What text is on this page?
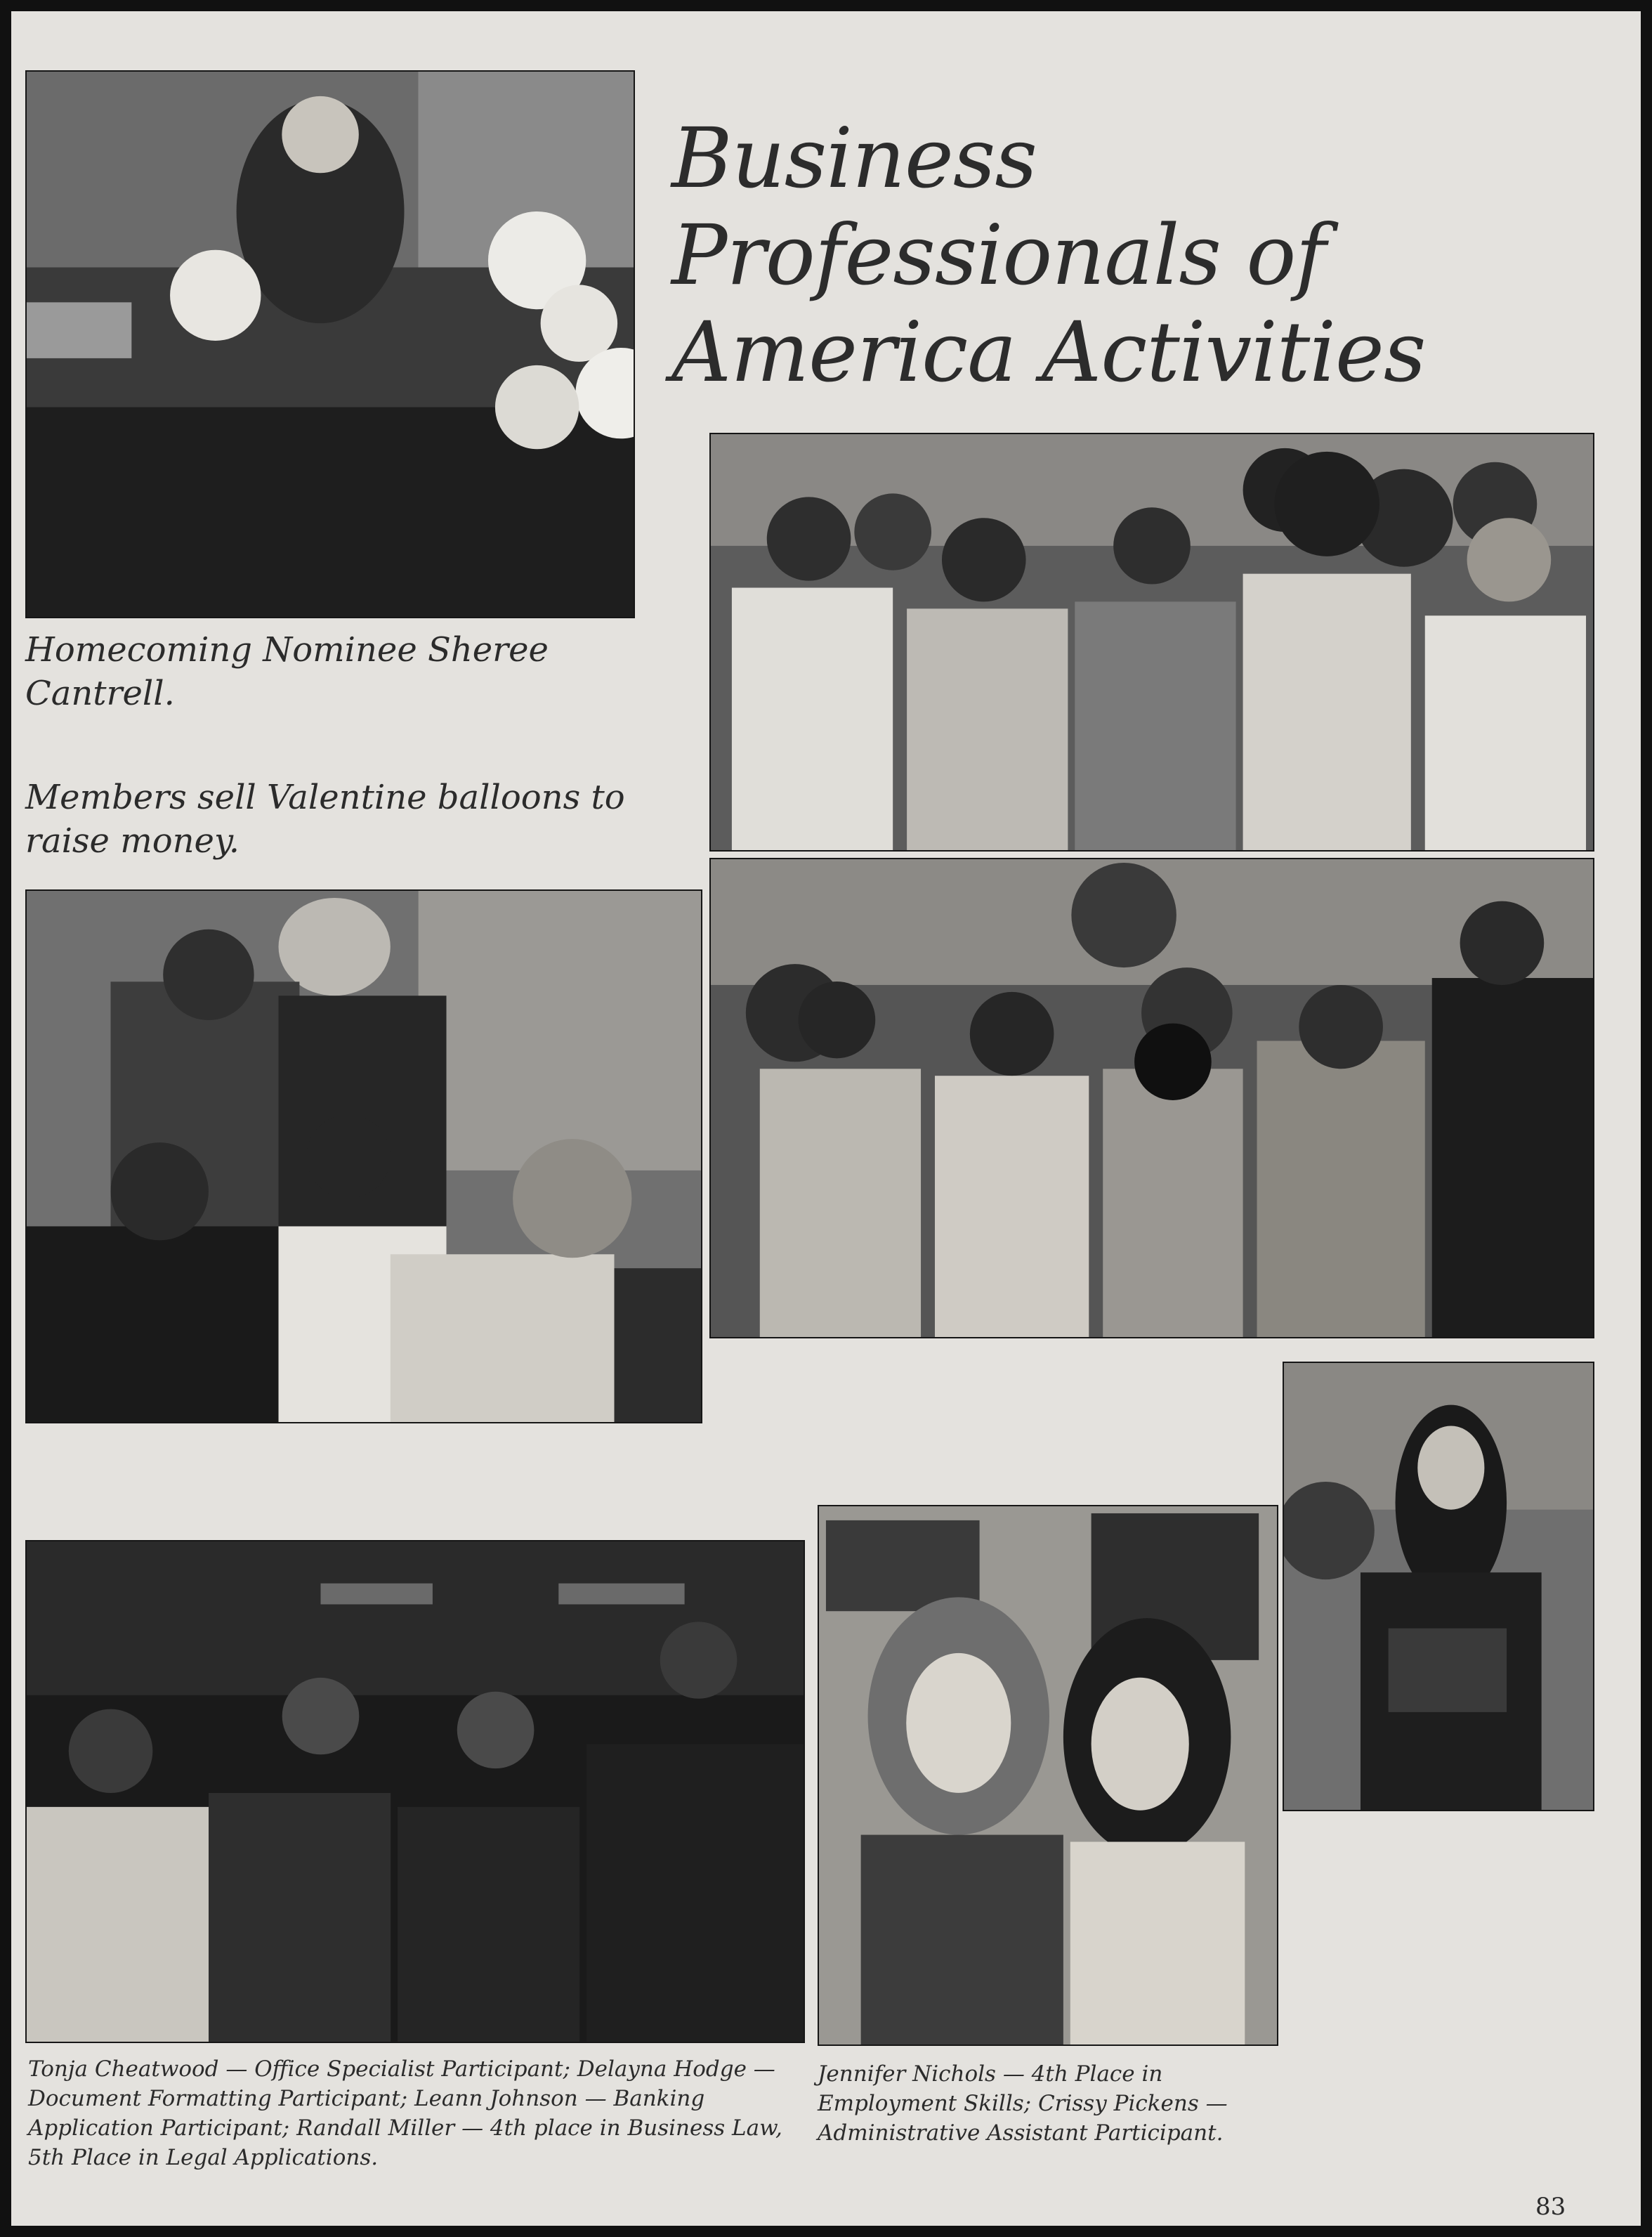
Business
Professionals of
America Activities

Homecoming Nominee Sheree Cantrell.

Members sell Valentine balloons to raise money.

Tonja Cheatwood — Office Specialist Participant; Delayna Hodge — Document Formatting Participant; Leann Johnson — Banking Application Participant; Randall Miller — 4th place in Business Law, 5th Place in Legal Applications.

Jennifer Nichols — 4th Place in Employment Skills; Crissy Pickens — Administrative Assistant Participant.

83
